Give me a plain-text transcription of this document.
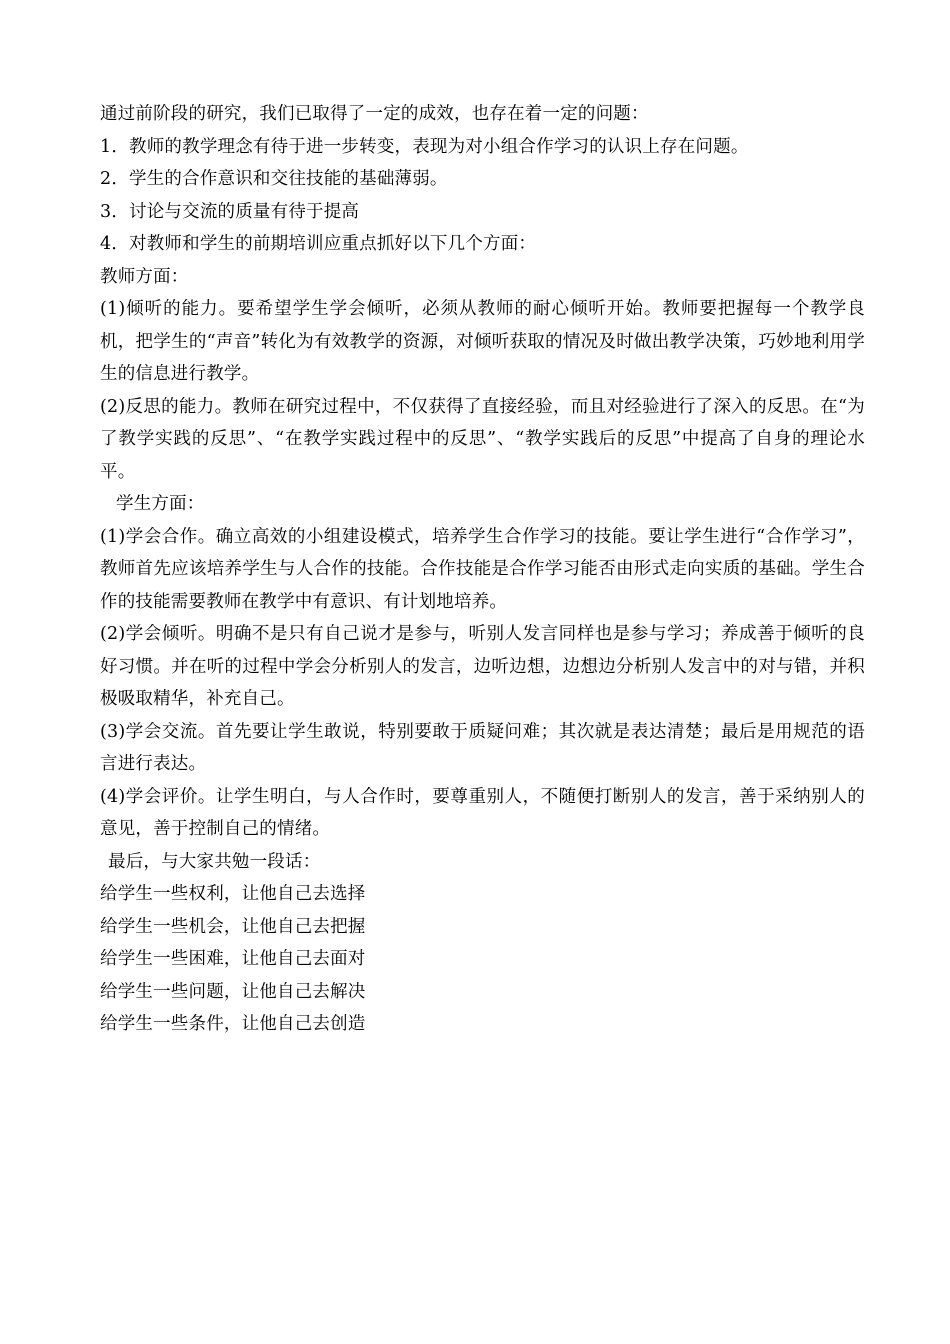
通过前阶段的研究，我们已取得了一定的成效，也存在着一定的问题：

1．教师的教学理念有待于进一步转变，表现为对小组合作学习的认识上存在问题。

2．学生的合作意识和交往技能的基础薄弱。

3．讨论与交流的质量有待于提高

4．对教师和学生的前期培训应重点抓好以下几个方面：

教师方面：

(1)倾听的能力。要希望学生学会倾听，必须从教师的耐心倾听开始。教师要把握每一个教学良机，把学生的“声音”转化为有效教学的资源，对倾听获取的情况及时做出教学决策，巧妙地利用学生的信息进行教学。

(2)反思的能力。教师在研究过程中，不仅获得了直接经验，而且对经验进行了深入的反思。在“为了教学实践的反思”、“在教学实践过程中的反思”、“教学实践后的反思”中提高了自身的理论水平。

学生方面：

(1)学会合作。确立高效的小组建设模式，培养学生合作学习的技能。要让学生进行“合作学习”，教师首先应该培养学生与人合作的技能。合作技能是合作学习能否由形式走向实质的基础。学生合作的技能需要教师在教学中有意识、有计划地培养。

(2)学会倾听。明确不是只有自己说才是参与，听别人发言同样也是参与学习；养成善于倾听的良好习惯。并在听的过程中学会分析别人的发言，边听边想，边想边分析别人发言中的对与错，并积极吸取精华，补充自己。

(3)学会交流。首先要让学生敢说，特别要敢于质疑问难；其次就是表达清楚；最后是用规范的语言进行表达。

(4)学会评价。让学生明白，与人合作时，要尊重别人，不随便打断别人的发言，善于采纳别人的意见，善于控制自己的情绪。

最后，与大家共勉一段话：

给学生一些权利，让他自己去选择

给学生一些机会，让他自己去把握

给学生一些困难，让他自己去面对

给学生一些问题，让他自己去解决

给学生一些条件，让他自己去创造
